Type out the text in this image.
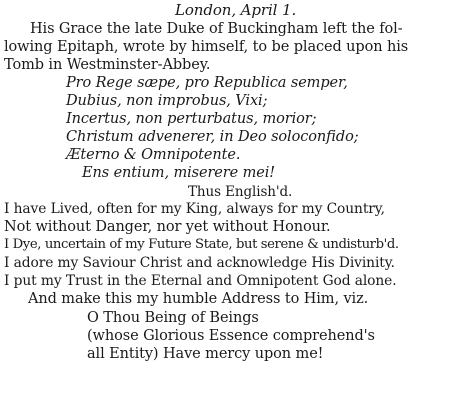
London, April 1.
His Grace the late Duke of Buckingham left the fol-
lowing Epitaph, wrote by himself, to be placed upon his
Tomb in Westminster-Abbey.
Pro Rege sæpe, pro Republica semper,
Dubius, non improbus, Vixi;
Incertus, non perturbatus, morior;
Christum advenerer, in Deo soloconfido;
Æterno & Omnipotente.
Ens entium, miserere mei!
Thus English'd.
I have Lived, often for my King, always for my Country,
Not without Danger, nor yet without Honour.
I Dye, uncertain of my Future State, but serene & undisturb'd.
I adore my Saviour Christ and acknowledge His Divinity.
I put my Trust in the Eternal and Omnipotent God alone.
And make this my humble Address to Him, viz.
O Thou Being of Beings
(whose Glorious Essence comprehend's
all Entity) Have mercy upon me!
